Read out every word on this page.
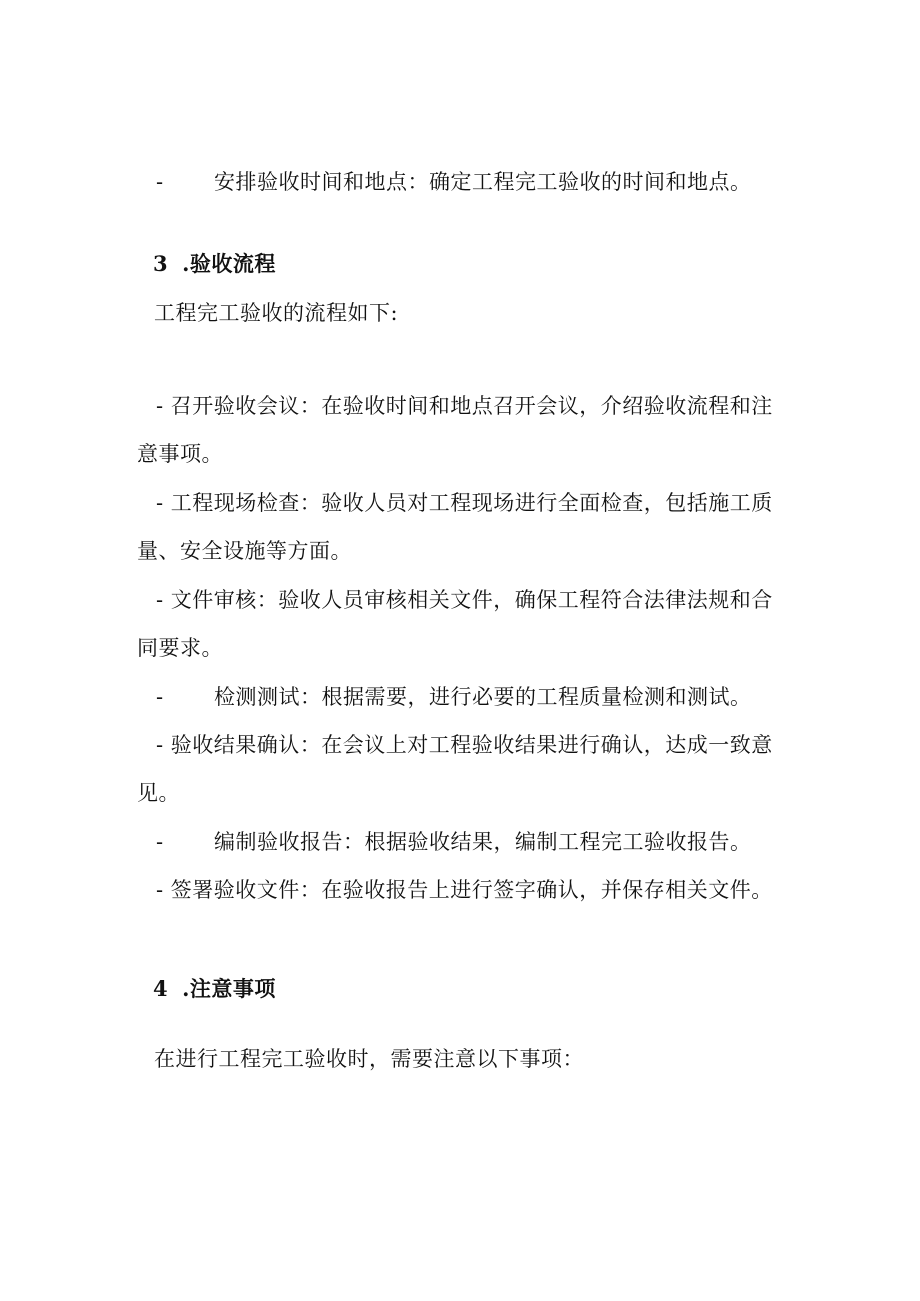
- 安排验收时间和地点：确定工程完工验收的时间和地点。
3 .验收流程
工程完工验收的流程如下:
- 召开验收会议：在验收时间和地点召开会议，介绍验收流程和注
意事项。
- 工程现场检查：验收人员对工程现场进行全面检查，包括施工质
量、安全设施等方面。
- 文件审核：验收人员审核相关文件，确保工程符合法律法规和合
同要求。
- 检测测试：根据需要，进行必要的工程质量检测和测试。
- 验收结果确认：在会议上对工程验收结果进行确认，达成一致意
见。
- 编制验收报告：根据验收结果，编制工程完工验收报告。
- 签署验收文件：在验收报告上进行签字确认，并保存相关文件。
4 .注意事项
在进行工程完工验收时，需要注意以下事项：
